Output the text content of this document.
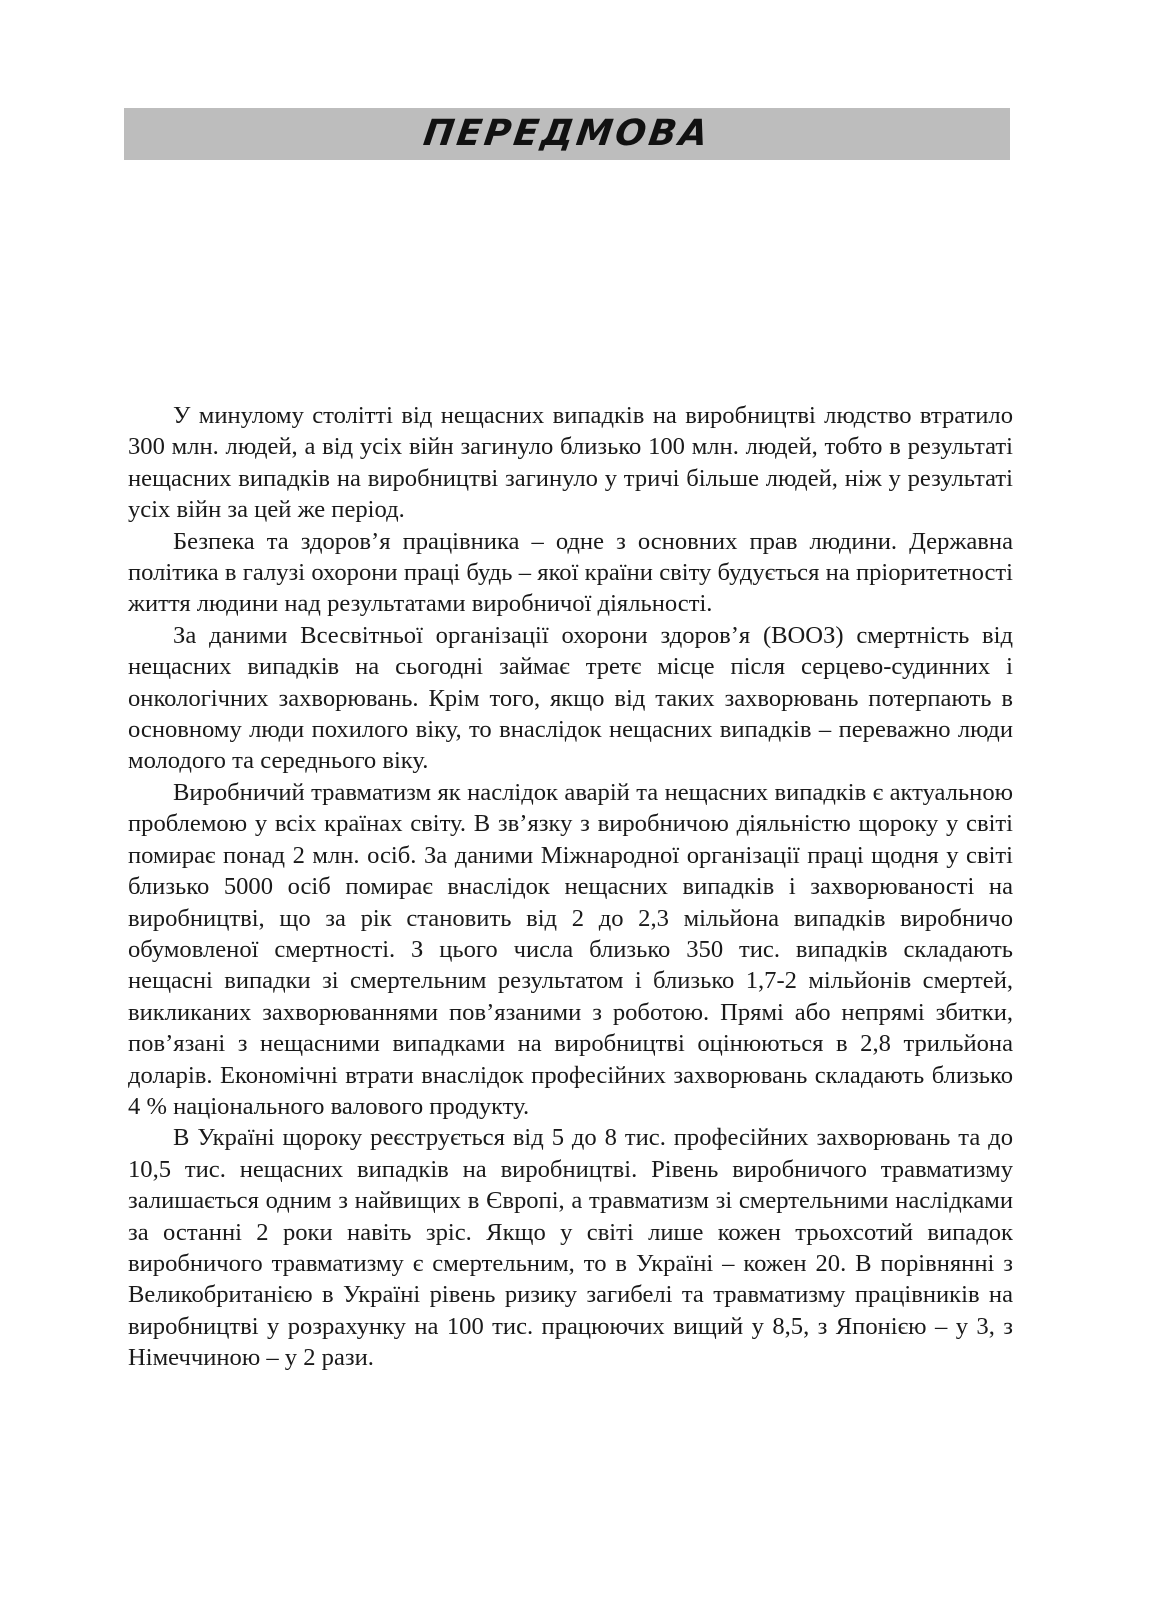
ПЕРЕДМОВА

У минулому столітті від нещасних випадків на виробництві людство втратило 300 млн. людей, а від усіх війн загинуло близько 100 млн. людей, тобто в результаті нещасних випадків на виробництві загинуло у тричі більше людей, ніж у результаті усіх війн за цей же період.

Безпека та здоров’я працівника – одне з основних прав людини. Державна політика в галузі охорони праці будь – якої країни світу будується на пріоритетності життя людини над результатами виробничої діяльності.

За даними Всесвітньої організації охорони здоров’я (ВООЗ) смертність від нещасних випадків на сьогодні займає третє місце після серцево-судинних і онкологічних захворювань. Крім того, якщо від таких захворювань потерпають в основному люди похилого віку, то внаслідок нещасних випадків – переважно люди молодого та середнього віку.

Виробничий травматизм як наслідок аварій та нещасних випадків є актуальною проблемою у всіх країнах світу. В зв’язку з виробничою діяльністю щороку у світі помирає понад 2 млн. осіб. За даними Міжнародної організації праці щодня у світі близько 5000 осіб помирає внаслідок нещасних випадків і захворюваності на виробництві, що за рік становить від 2 до 2,3 мільйона випадків виробничо обумовленої смертності. З цього числа близько 350 тис. випадків складають нещасні випадки зі смертельним результатом і близько 1,7-2 мільйонів смертей, викликаних захворюваннями пов’язаними з роботою. Прямі або непрямі збитки, пов’язані з нещасними випадками на виробництві оцінюються в 2,8 трильйона доларів. Економічні втрати внаслідок професійних захворювань складають близько 4 % національного валового продукту.

В Україні щороку реєструється від 5 до 8 тис. професійних захворювань та до 10,5 тис. нещасних випадків на виробництві. Рівень виробничого травматизму залишається одним з найвищих в Європі, а травматизм зі смертельними наслідками за останні 2 роки навіть зріс. Якщо у світі лише кожен трьохсотий випадок виробничого травматизму є смертельним, то в Україні – кожен 20. В порівнянні з Великобританією в Україні рівень ризику загибелі та травматизму працівників на виробництві у розрахунку на 100 тис. працюючих вищий у 8,5, з Японією – у 3, з Німеччиною – у 2 рази.
